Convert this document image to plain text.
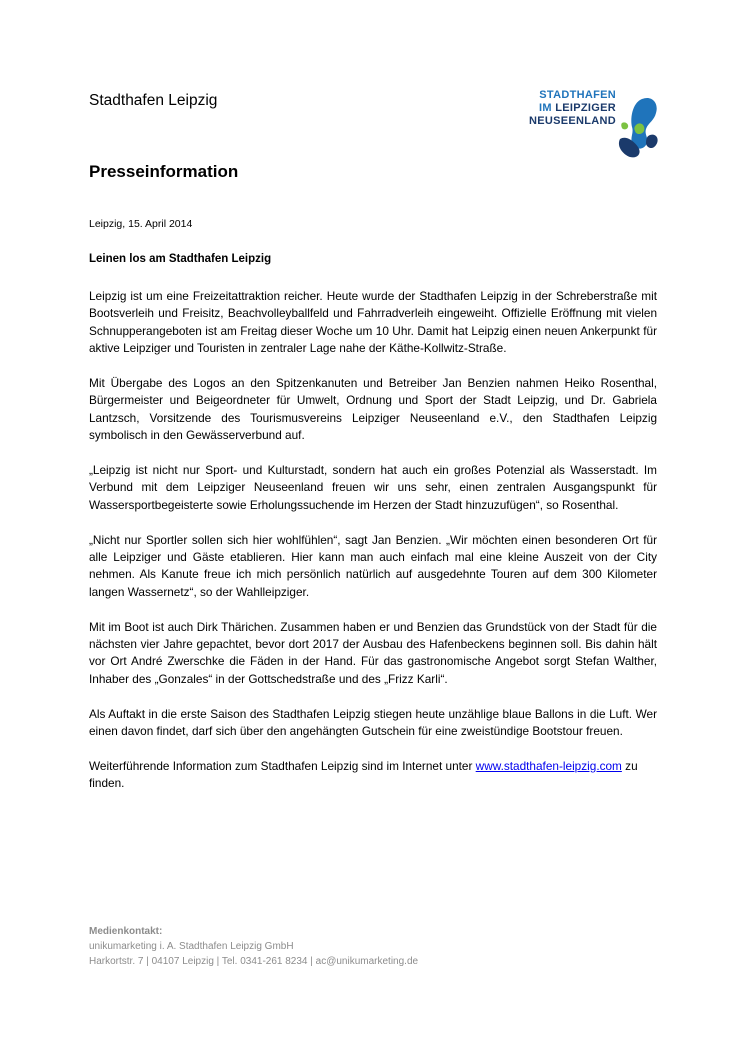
Stadthafen Leipzig	STADTHAFEN
IM LEIPZIGER
NEUSEENLAND
Presseinformation
Leipzig, 15. April 2014
Leinen los am Stadthafen Leipzig

Leipzig ist um eine Freizeitattraktion reicher. Heute wurde der Stadthafen Leipzig in der Schreberstraße mit Bootsverleih und Freisitz, Beachvolleyballfeld und Fahrradverleih eingeweiht. Offizielle Eröffnung mit vielen Schnupperangeboten ist am Freitag dieser Woche um 10 Uhr. Damit hat Leipzig einen neuen Ankerpunkt für aktive Leipziger und Touristen in zentraler Lage nahe der Käthe-Kollwitz-Straße.

Mit Übergabe des Logos an den Spitzenkanuten und Betreiber Jan Benzien nahmen Heiko Rosenthal, Bürgermeister und Beigeordneter für Umwelt, Ordnung und Sport der Stadt Leipzig, und Dr. Gabriela Lantzsch, Vorsitzende des Tourismusvereins Leipziger Neuseenland e.V., den Stadthafen Leipzig symbolisch in den Gewässerverbund auf.

„Leipzig ist nicht nur Sport- und Kulturstadt, sondern hat auch ein großes Potenzial als Wasserstadt. Im Verbund mit dem Leipziger Neuseenland freuen wir uns sehr, einen zentralen Ausgangspunkt für Wassersportbegeisterte sowie Erholungssuchende im Herzen der Stadt hinzuzufügen“, so Rosenthal.

„Nicht nur Sportler sollen sich hier wohlfühlen“, sagt Jan Benzien. „Wir möchten einen besonderen Ort für alle Leipziger und Gäste etablieren. Hier kann man auch einfach mal eine kleine Auszeit von der City nehmen. Als Kanute freue ich mich persönlich natürlich auf ausgedehnte Touren auf dem 300 Kilometer langen Wassernetz“, so der Wahlleipziger.

Mit im Boot ist auch Dirk Thärichen. Zusammen haben er und Benzien das Grundstück von der Stadt für die nächsten vier Jahre gepachtet, bevor dort 2017 der Ausbau des Hafenbeckens beginnen soll. Bis dahin hält vor Ort André Zwerschke die Fäden in der Hand. Für das gastronomische Angebot sorgt Stefan Walther, Inhaber des „Gonzales“ in der Gottschedstraße und des „Frizz Karli“.

Als Auftakt in die erste Saison des Stadthafen Leipzig stiegen heute unzählige blaue Ballons in die Luft. Wer einen davon findet, darf sich über den angehängten Gutschein für eine zweistündige Bootstour freuen.

Weiterführende Information zum Stadthafen Leipzig sind im Internet unter www.stadthafen-leipzig.com zu finden.

Medienkontakt:
unikumarketing i. A. Stadthafen Leipzig GmbH
Harkortstr. 7 | 04107 Leipzig | Tel. 0341-261 8234 | ac@unikumarketing.de
